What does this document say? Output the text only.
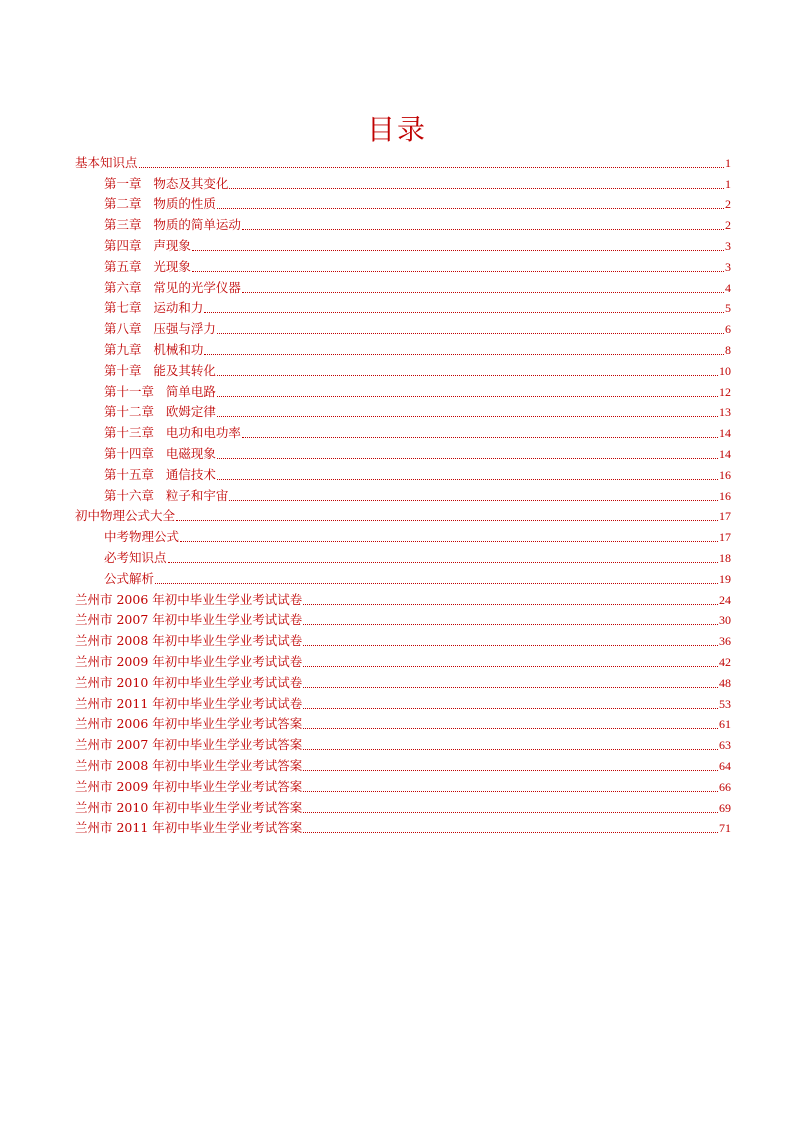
目录
基本知识点	1
第一章   物态及其变化	1
第二章   物质的性质	2
第三章   物质的简单运动	2
第四章   声现象	3
第五章   光现象	3
第六章   常见的光学仪器	4
第七章   运动和力	5
第八章   压强与浮力	6
第九章   机械和功	8
第十章   能及其转化	10
第十一章   简单电路	12
第十二章   欧姆定律	13
第十三章   电功和电功率	14
第十四章   电磁现象	14
第十五章   通信技术	16
第十六章   粒子和宇宙	16
初中物理公式大全	17
中考物理公式	17
必考知识点	18
公式解析	19
兰州市 2006 年初中毕业生学业考试试卷	24
兰州市 2007 年初中毕业生学业考试试卷	30
兰州市 2008 年初中毕业生学业考试试卷	36
兰州市 2009 年初中毕业生学业考试试卷	42
兰州市 2010 年初中毕业生学业考试试卷	48
兰州市 2011 年初中毕业生学业考试试卷	53
兰州市 2006 年初中毕业生学业考试答案	61
兰州市 2007 年初中毕业生学业考试答案	63
兰州市 2008 年初中毕业生学业考试答案	64
兰州市 2009 年初中毕业生学业考试答案	66
兰州市 2010 年初中毕业生学业考试答案	69
兰州市 2011 年初中毕业生学业考试答案	71
